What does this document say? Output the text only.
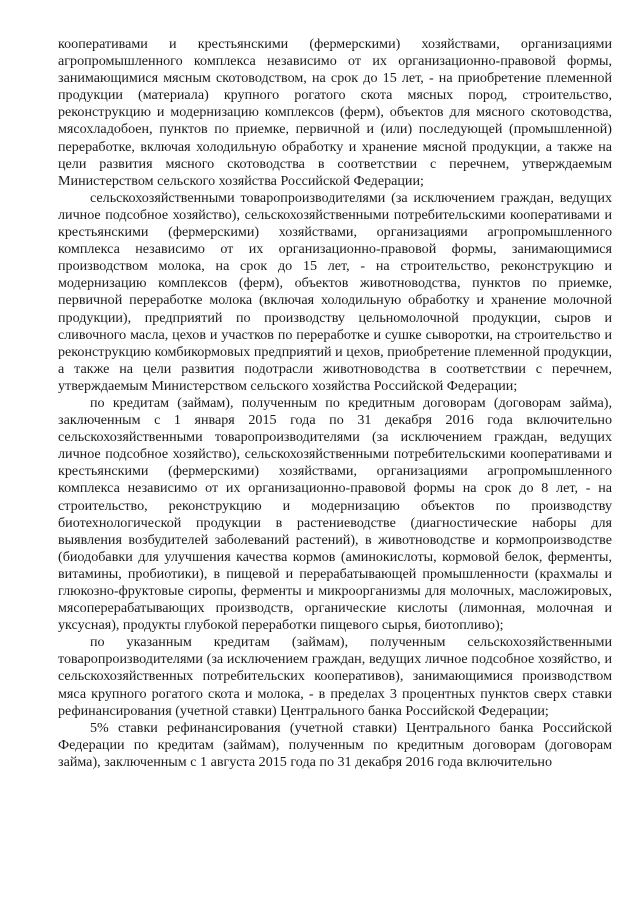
кооперативами и крестьянскими (фермерскими) хозяйствами, организациями агропромышленного комплекса независимо от их организационно-правовой формы, занимающимися мясным скотоводством, на срок до 15 лет, - на приобретение племенной продукции (материала) крупного рогатого скота мясных пород, строительство, реконструкцию и модернизацию комплексов (ферм), объектов для мясного скотоводства, мясохладобоен, пунктов по приемке, первичной и (или) последующей (промышленной) переработке, включая холодильную обработку и хранение мясной продукции, а также на цели развития мясного скотоводства в соответствии с перечнем, утверждаемым Министерством сельского хозяйства Российской Федерации;

сельскохозяйственными товаропроизводителями (за исключением граждан, ведущих личное подсобное хозяйство), сельскохозяйственными потребительскими кооперативами и крестьянскими (фермерскими) хозяйствами, организациями агропромышленного комплекса независимо от их организационно-правовой формы, занимающимися производством молока, на срок до 15 лет, - на строительство, реконструкцию и модернизацию комплексов (ферм), объектов животноводства, пунктов по приемке, первичной переработке молока (включая холодильную обработку и хранение молочной продукции), предприятий по производству цельномолочной продукции, сыров и сливочного масла, цехов и участков по переработке и сушке сыворотки, на строительство и реконструкцию комбикормовых предприятий и цехов, приобретение племенной продукции, а также на цели развития подотрасли животноводства в соответствии с перечнем, утверждаемым Министерством сельского хозяйства Российской Федерации;

по кредитам (займам), полученным по кредитным договорам (договорам займа), заключенным с 1 января 2015 года по 31 декабря 2016 года включительно сельскохозяйственными товаропроизводителями (за исключением граждан, ведущих личное подсобное хозяйство), сельскохозяйственными потребительскими кооперативами и крестьянскими (фермерскими) хозяйствами, организациями агропромышленного комплекса независимо от их организационно-правовой формы на срок до 8 лет, - на строительство, реконструкцию и модернизацию объектов по производству биотехнологической продукции в растениеводстве (диагностические наборы для выявления возбудителей заболеваний растений), в животноводстве и кормопроизводстве (биодобавки для улучшения качества кормов (аминокислоты, кормовой белок, ферменты, витамины, пробиотики), в пищевой и перерабатывающей промышленности (крахмалы и глюкозно-фруктовые сиропы, ферменты и микроорганизмы для молочных, масложировых, мясоперерабатывающих производств, органические кислоты (лимонная, молочная и уксусная), продукты глубокой переработки пищевого сырья, биотопливо);

по указанным кредитам (займам), полученным сельскохозяйственными товаропроизводителями (за исключением граждан, ведущих личное подсобное хозяйство, и сельскохозяйственных потребительских кооперативов), занимающимися производством мяса крупного рогатого скота и молока, - в пределах 3 процентных пунктов сверх ставки рефинансирования (учетной ставки) Центрального банка Российской Федерации;

5% ставки рефинансирования (учетной ставки) Центрального банка Российской Федерации по кредитам (займам), полученным по кредитным договорам (договорам займа), заключенным с 1 августа 2015 года по 31 декабря 2016 года включительно
